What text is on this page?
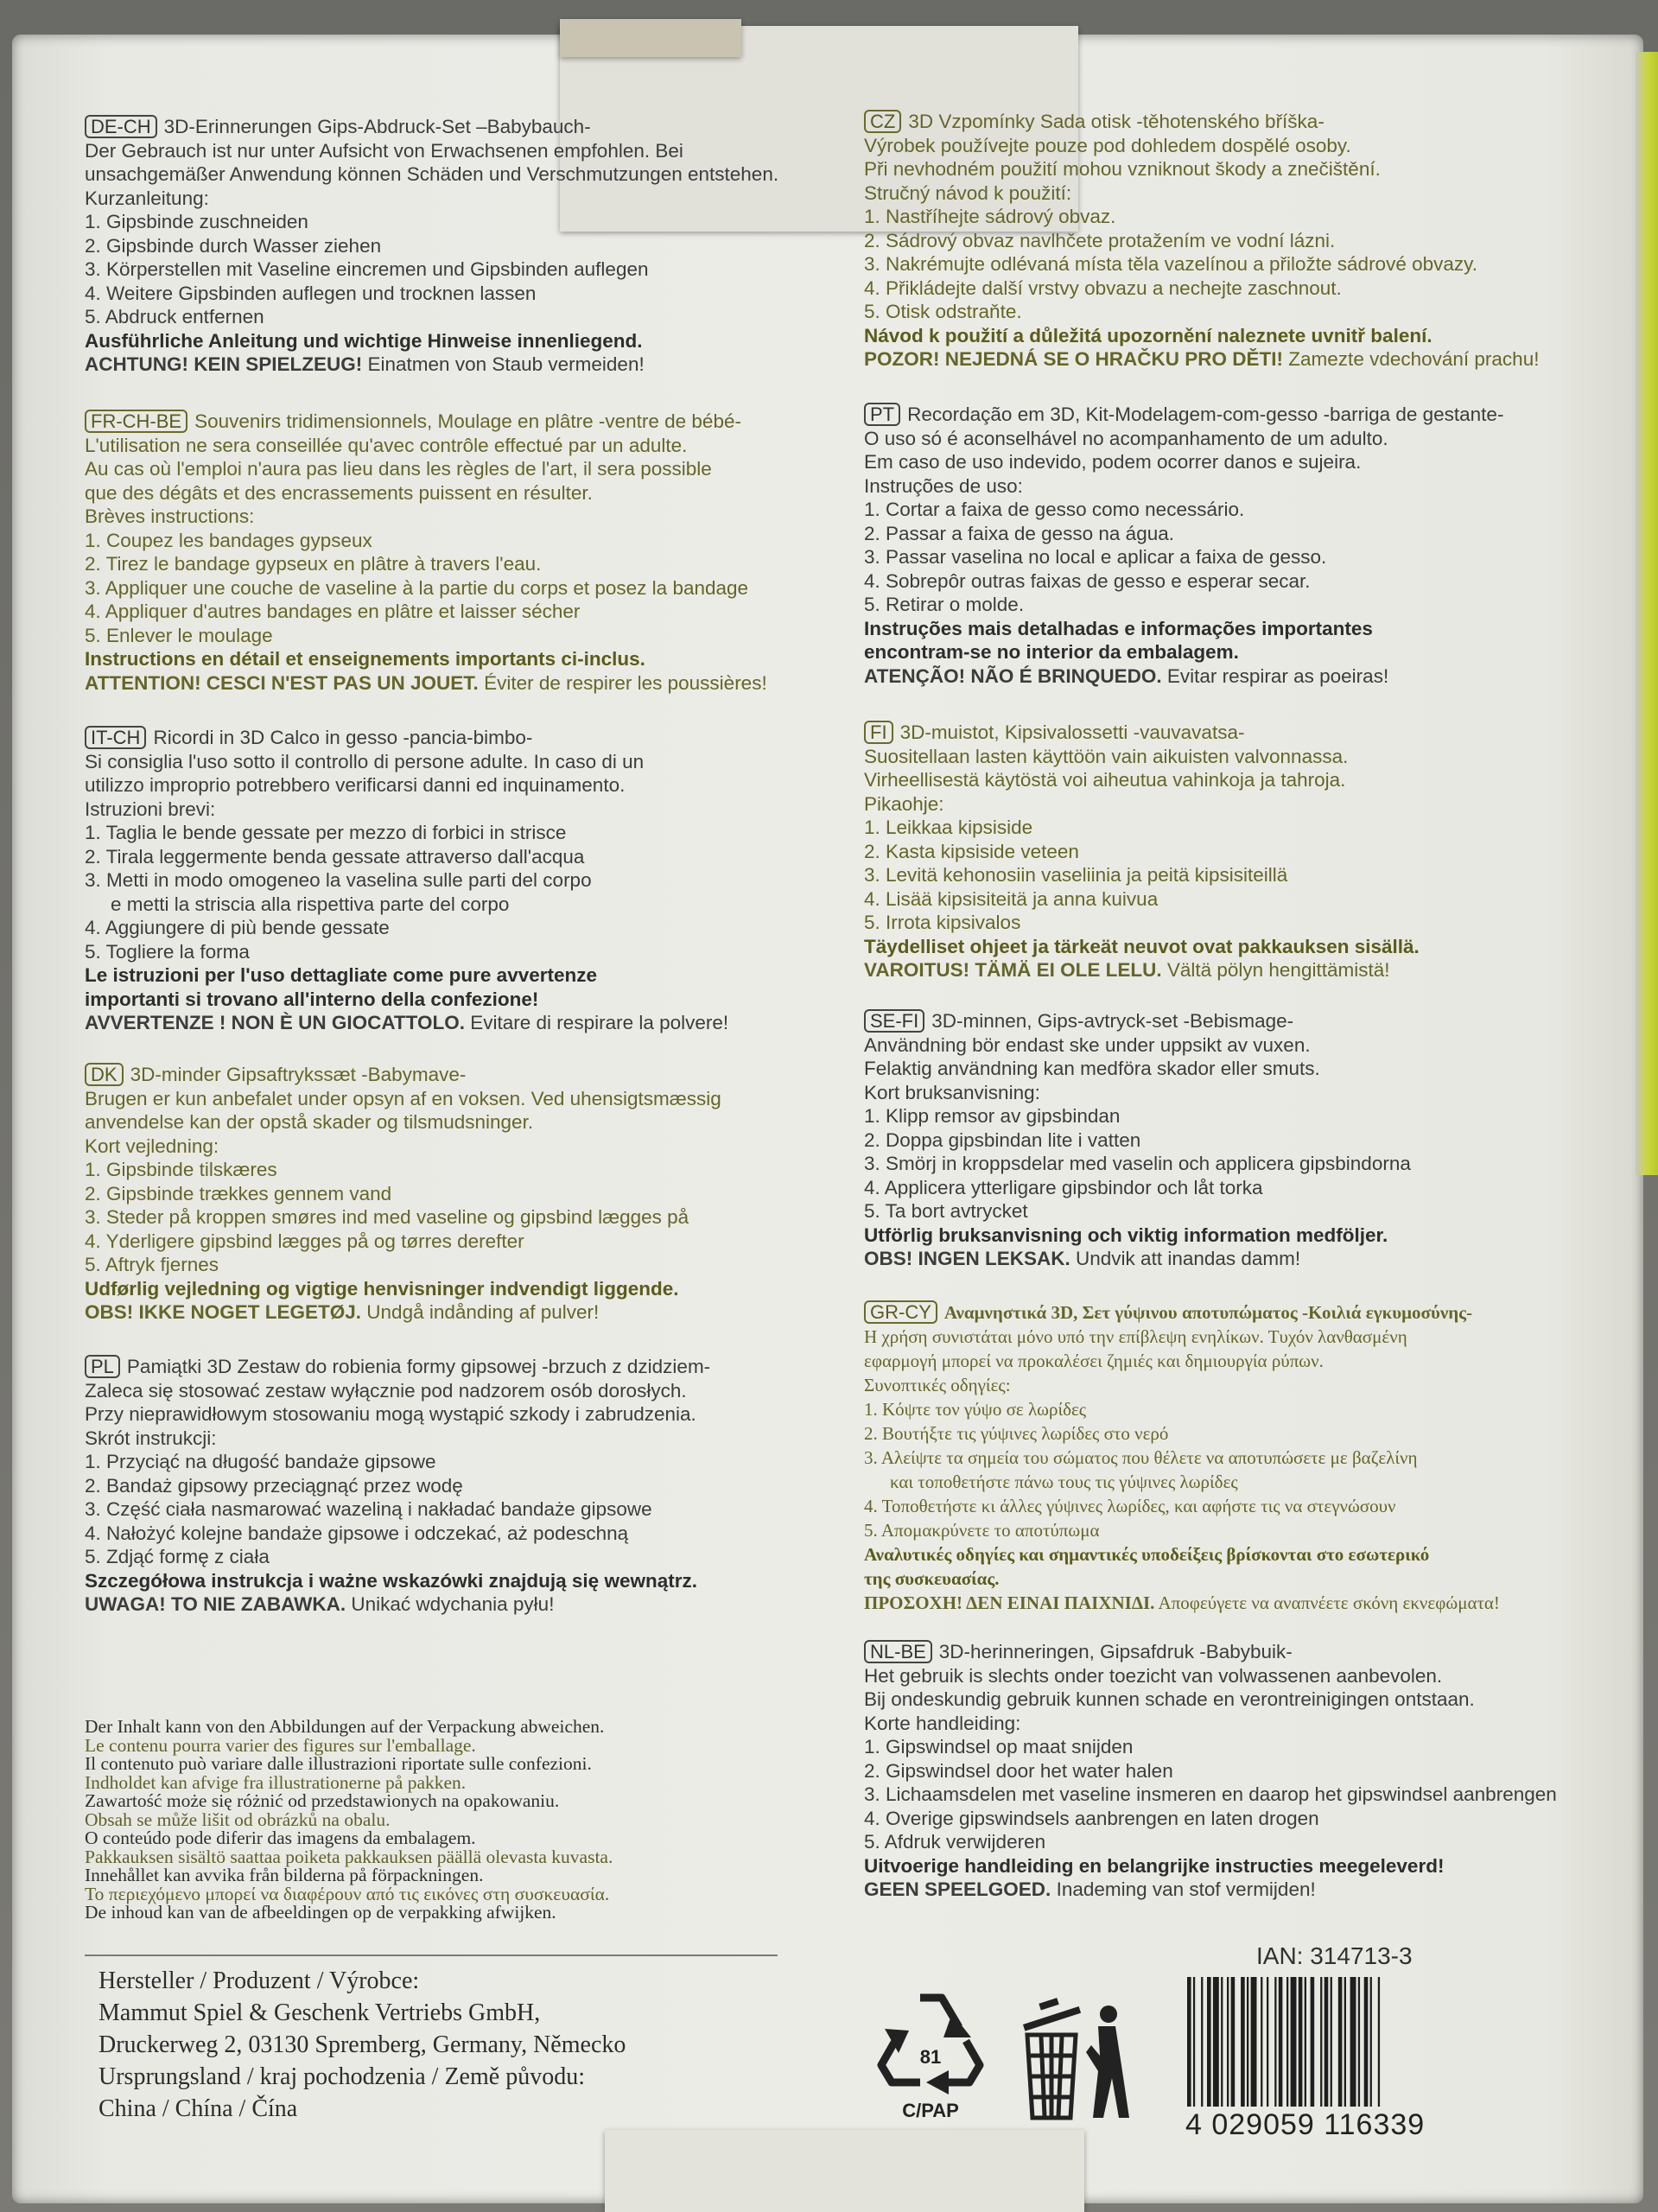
DE-CH 3D-Erinnerungen Gips-Abdruck-Set –Babybauch-
Der Gebrauch ist nur unter Aufsicht von Erwachsenen empfohlen. Bei
unsachgemäßer Anwendung können Schäden und Verschmutzungen entstehen.
Kurzanleitung:
1. Gipsbinde zuschneiden
2. Gipsbinde durch Wasser ziehen
3. Körperstellen mit Vaseline eincremen und Gipsbinden auflegen
4. Weitere Gipsbinden auflegen und trocknen lassen
5. Abdruck entfernen
Ausführliche Anleitung und wichtige Hinweise innenliegend.
ACHTUNG! KEIN SPIELZEUG! Einatmen von Staub vermeiden!
FR-CH-BE Souvenirs tridimensionnels, Moulage en plâtre -ventre de bébé-
L'utilisation ne sera conseillée qu'avec contrôle effectué par un adulte.
Au cas où l'emploi n'aura pas lieu dans les règles de l'art, il sera possible
que des dégâts et des encrassements puissent en résulter.
Brèves instructions:
1. Coupez les bandages gypseux
2. Tirez le bandage gypseux en plâtre à travers l'eau.
3. Appliquer une couche de vaseline à la partie du corps et posez la bandage
4. Appliquer d'autres bandages en plâtre et laisser sécher
5. Enlever le moulage
Instructions en détail et enseignements importants ci-inclus.
ATTENTION! CESCI N'EST PAS UN JOUET. Éviter de respirer les poussières!
IT-CH Ricordi in 3D Calco in gesso -pancia-bimbo-
Si consiglia l'uso sotto il controllo di persone adulte. In caso di un
utilizzo improprio potrebbero verificarsi danni ed inquinamento.
Istruzioni brevi:
1. Taglia le bende gessate per mezzo di forbici in strisce
2. Tirala leggermente benda gessate attraverso dall'acqua
3. Metti in modo omogeneo la vaselina sulle parti del corpo
e metti la striscia alla rispettiva parte del corpo
4. Aggiungere di più bende gessate
5. Togliere la forma
Le istruzioni per l'uso dettagliate come pure avvertenze
importanti si trovano all'interno della confezione!
AVVERTENZE ! NON È UN GIOCATTOLO. Evitare di respirare la polvere!
DK 3D-minder Gipsaftrykssæt -Babymave-
Brugen er kun anbefalet under opsyn af en voksen. Ved uhensigtsmæssig
anvendelse kan der opstå skader og tilsmudsninger.
Kort vejledning:
1. Gipsbinde tilskæres
2. Gipsbinde trækkes gennem vand
3. Steder på kroppen smøres ind med vaseline og gipsbind lægges på
4. Yderligere gipsbind lægges på og tørres derefter
5. Aftryk fjernes
Udførlig vejledning og vigtige henvisninger indvendigt liggende.
OBS! IKKE NOGET LEGETØJ. Undgå indånding af pulver!
PL Pamiątki 3D Zestaw do robienia formy gipsowej -brzuch z dzidziem-
Zaleca się stosować zestaw wyłącznie pod nadzorem osób dorosłych.
Przy nieprawidłowym stosowaniu mogą wystąpić szkody i zabrudzenia.
Skrót instrukcji:
1. Przyciąć na długość bandaże gipsowe
2. Bandaż gipsowy przeciągnąć przez wodę
3. Część ciała nasmarować wazeliną i nakładać bandaże gipsowe
4. Nałożyć kolejne bandaże gipsowe i odczekać, aż podeschną
5. Zdjąć formę z ciała
Szczegółowa instrukcja i ważne wskazówki znajdują się wewnątrz.
UWAGA! TO NIE ZABAWKA. Unikać wdychania pyłu!
Der Inhalt kann von den Abbildungen auf der Verpackung abweichen.
Le contenu pourra varier des figures sur l'emballage.
Il contenuto può variare dalle illustrazioni riportate sulle confezioni.
Indholdet kan afvige fra illustrationerne på pakken.
Zawartość może się różnić od przedstawionych na opakowaniu.
Obsah se může lišit od obrázků na obalu.
O conteúdo pode diferir das imagens da embalagem.
Pakkauksen sisältö saattaa poiketa pakkauksen päällä olevasta kuvasta.
Innehållet kan avvika från bilderna på förpackningen.
Το περιεχόμενο μπορεί να διαφέρουν από τις εικόνες στη συσκευασία.
De inhoud kan van de afbeeldingen op de verpakking afwijken.
Hersteller / Produzent / Výrobce:
Mammut Spiel & Geschenk Vertriebs GmbH,
Druckerweg 2, 03130 Spremberg, Germany, Německo
Ursprungsland / kraj pochodzenia / Země původu:
China / Chína / Čína
CZ 3D Vzpomínky Sada otisk -těhotenského bříška-
Výrobek používejte pouze pod dohledem dospělé osoby.
Při nevhodném použití mohou vzniknout škody a znečištění.
Stručný návod k použití:
1. Nastříhejte sádrový obvaz.
2. Sádrový obvaz navlhčete protažením ve vodní lázni.
3. Nakrémujte odlévaná místa těla vazelínou a přiložte sádrové obvazy.
4. Přikládejte další vrstvy obvazu a nechejte zaschnout.
5. Otisk odstraňte.
Návod k použití a důležitá upozornění naleznete uvnitř balení.
POZOR! NEJEDNÁ SE O HRAČKU PRO DĚTI! Zamezte vdechování prachu!
PT Recordação em 3D, Kit-Modelagem-com-gesso -barriga de gestante-
O uso só é aconselhável no acompanhamento de um adulto.
Em caso de uso indevido, podem ocorrer danos e sujeira.
Instruções de uso:
1. Cortar a faixa de gesso como necessário.
2. Passar a faixa de gesso na água.
3. Passar vaselina no local e aplicar a faixa de gesso.
4. Sobrepôr outras faixas de gesso e esperar secar.
5. Retirar o molde.
Instruções mais detalhadas e informações importantes
encontram-se no interior da embalagem.
ATENÇÃO! NÃO É BRINQUEDO. Evitar respirar as poeiras!
FI 3D-muistot, Kipsivalossetti -vauvavatsa-
Suositellaan lasten käyttöön vain aikuisten valvonnassa.
Virheellisestä käytöstä voi aiheutua vahinkoja ja tahroja.
Pikaohje:
1. Leikkaa kipsiside
2. Kasta kipsiside veteen
3. Levitä kehonosiin vaseliinia ja peitä kipsisiteillä
4. Lisää kipsisiteitä ja anna kuivua
5. Irrota kipsivalos
Täydelliset ohjeet ja tärkeät neuvot ovat pakkauksen sisällä.
VAROITUS! TÄMÄ EI OLE LELU. Vältä pölyn hengittämistä!
SE-FI 3D-minnen, Gips-avtryck-set -Bebismage-
Användning bör endast ske under uppsikt av vuxen.
Felaktig användning kan medföra skador eller smuts.
Kort bruksanvisning:
1. Klipp remsor av gipsbindan
2. Doppa gipsbindan lite i vatten
3. Smörj in kroppsdelar med vaselin och applicera gipsbindorna
4. Applicera ytterligare gipsbindor och låt torka
5. Ta bort avtrycket
Utförlig bruksanvisning och viktig information medföljer.
OBS! INGEN LEKSAK. Undvik att inandas damm!
GR-CY Αναμνηστικά 3D, Σετ γύψινου αποτυπώματος -Κοιλιά εγκυμοσύνης-
Η χρήση συνιστάται μόνο υπό την επίβλεψη ενηλίκων. Τυχόν λανθασμένη
εφαρμογή μπορεί να προκαλέσει ζημιές και δημιουργία ρύπων.
Συνοπτικές οδηγίες:
1. Κόψτε τον γύψο σε λωρίδες
2. Βουτήξτε τις γύψινες λωρίδες στο νερό
3. Αλείψτε τα σημεία του σώματος που θέλετε να αποτυπώσετε με βαζελίνη
και τοποθετήστε πάνω τους τις γύψινες λωρίδες
4. Τοποθετήστε κι άλλες γύψινες λωρίδες, και αφήστε τις να στεγνώσουν
5. Απομακρύνετε το αποτύπωμα
Αναλυτικές οδηγίες και σημαντικές υποδείξεις βρίσκονται στο εσωτερικό
της συσκευασίας.
ΠΡΟΣΟΧΗ! ΔΕΝ ΕΙΝΑΙ ΠΑΙΧΝΙΔΙ. Αποφεύγετε να αναπνέετε σκόνη εκνεφώματα!
NL-BE 3D-herinneringen, Gipsafdruk -Babybuik-
Het gebruik is slechts onder toezicht van volwassenen aanbevolen.
Bij ondeskundig gebruik kunnen schade en verontreinigingen ontstaan.
Korte handleiding:
1. Gipswindsel op maat snijden
2. Gipswindsel door het water halen
3. Lichaamsdelen met vaseline insmeren en daarop het gipswindsel aanbrengen
4. Overige gipswindsels aanbrengen en laten drogen
5. Afdruk verwijderen
Uitvoerige handleiding en belangrijke instructies meegeleverd!
GEEN SPEELGOED. Inademing van stof vermijden!
IAN: 314713-3
81
C/PAP	4 029059 116339
